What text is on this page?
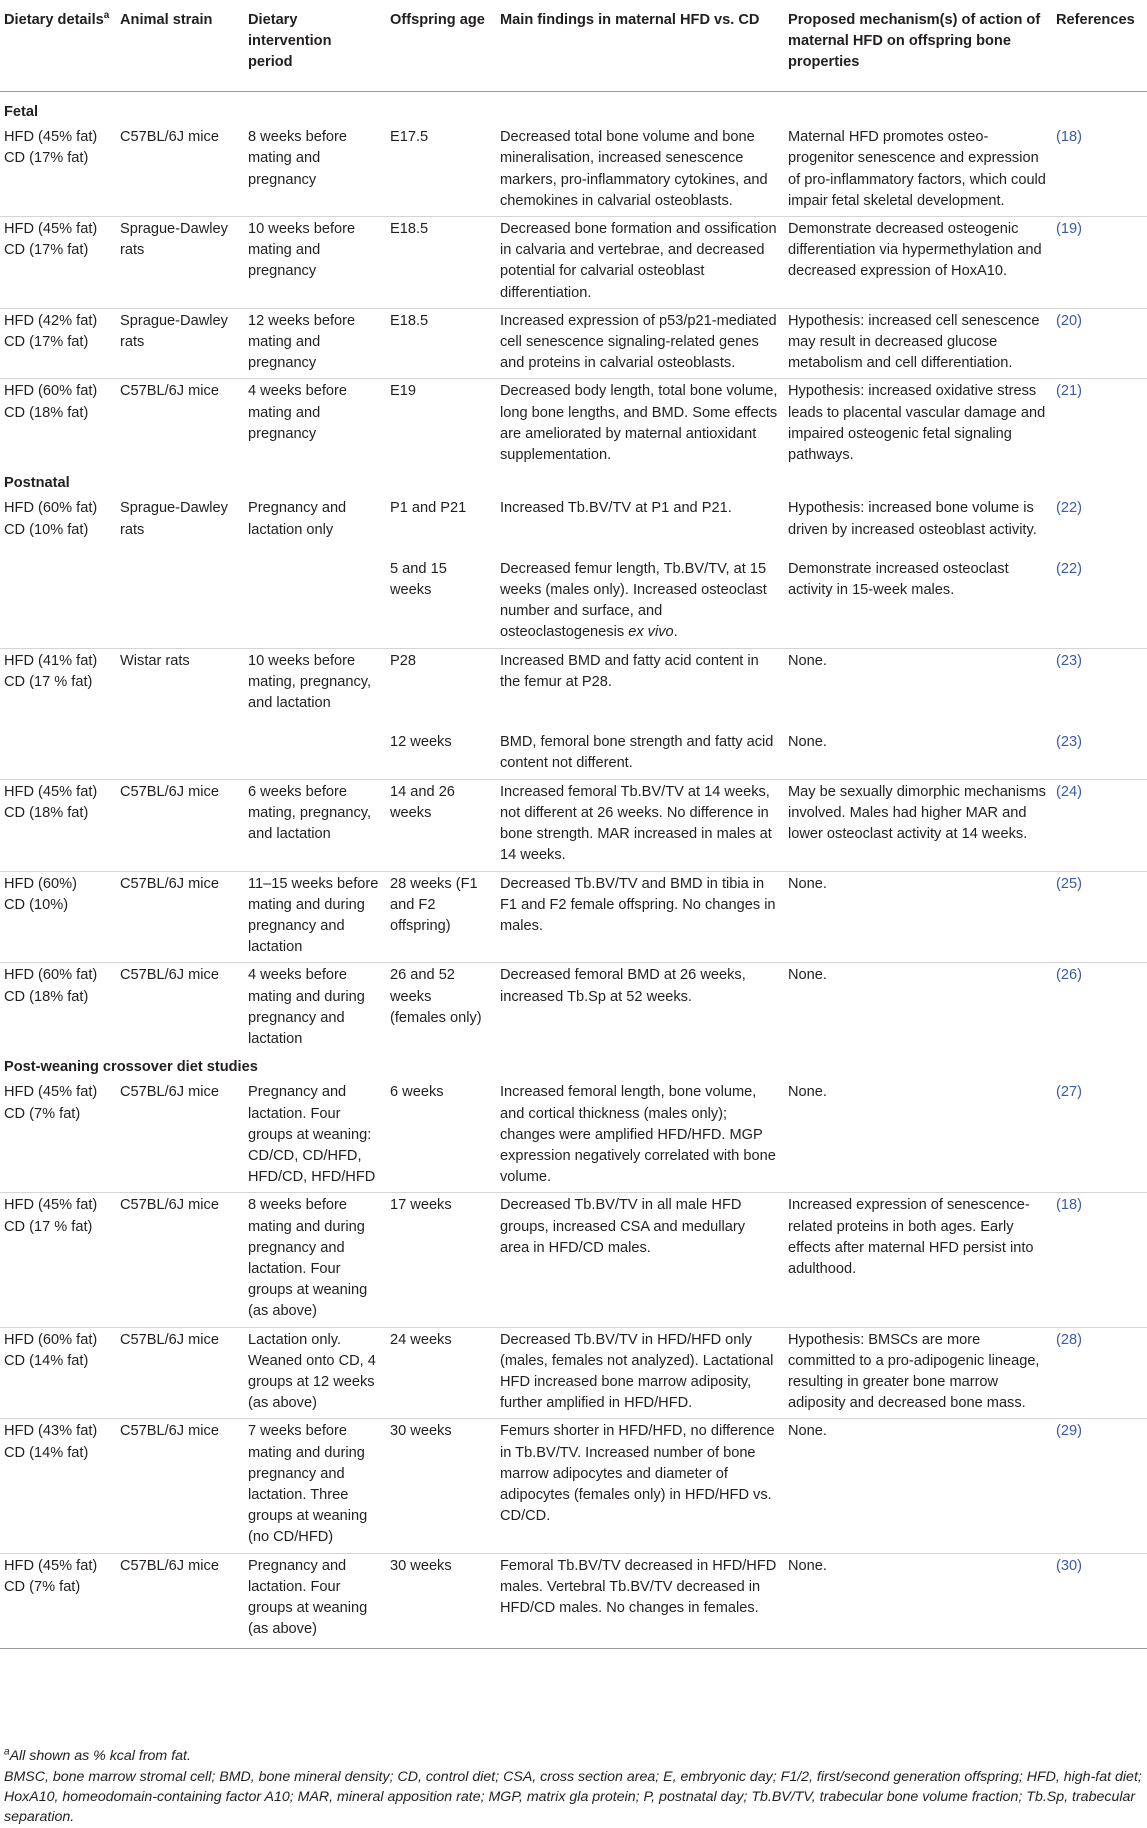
Dietary details$^a$	Animal strain	Dietary intervention period	Offspring age	Main findings in maternal HFD vs. CD	Proposed mechanism(s) of action of maternal HFD on offspring bone properties	References
Fetal						

HFD (45% fat)
CD (17% fat)	C57BL/6J mice	8 weeks before mating and pregnancy	E17.5	Decreased total bone volume and bone mineralisation, increased senescence markers, pro-inflammatory cytokines, and chemokines in calvarial osteoblasts.	Maternal HFD promotes osteo-progenitor senescence and expression of pro-inflammatory factors, which could impair fetal skeletal development.	(18)

HFD (45% fat)
CD (17% fat)	Sprague-Dawley rats	10 weeks before mating and pregnancy	E18.5	Decreased bone formation and ossification in calvaria and vertebrae, and decreased potential for calvarial osteoblast differentiation.	Demonstrate decreased osteogenic differentiation via hypermethylation and decreased expression of HoxA10.	(19)

HFD (42% fat)
CD (17% fat)	Sprague-Dawley rats	12 weeks before mating and pregnancy	E18.5	Increased expression of p53/p21-mediated cell senescence signaling-related genes and proteins in calvarial osteoblasts.	Hypothesis: increased cell senescence may result in decreased glucose metabolism and cell differentiation.	(20)

HFD (60% fat)
CD (18% fat)	C57BL/6J mice	4 weeks before mating and pregnancy	E19	Decreased body length, total bone volume, long bone lengths, and BMD. Some effects are ameliorated by maternal antioxidant supplementation.	Hypothesis: increased oxidative stress leads to placental vascular damage and impaired osteogenic fetal signaling pathways.	(21)
Postnatal						

HFD (60% fat)
CD (10% fat)	Sprague-Dawley rats	Pregnancy and lactation only	P1 and P21	Increased Tb.BV/TV at P1 and P21.	Hypothesis: increased bone volume is driven by increased osteoblast activity.	(22)

			5 and 15 weeks	Decreased femur length, Tb.BV/TV, at 15 weeks (males only). Increased osteoclast number and surface, and osteoclastogenesis ex vivo.	Demonstrate increased osteoclast activity in 15-week males.	(22)

HFD (41% fat)
CD (17 % fat)	Wistar rats	10 weeks before mating, pregnancy, and lactation	P28	Increased BMD and fatty acid content in the femur at P28.	None.	(23)

			12 weeks	BMD, femoral bone strength and fatty acid content not different.	None.	(23)

HFD (45% fat)
CD (18% fat)	C57BL/6J mice	6 weeks before mating, pregnancy, and lactation	14 and 26 weeks	Increased femoral Tb.BV/TV at 14 weeks, not different at 26 weeks. No difference in bone strength. MAR increased in males at 14 weeks.	May be sexually dimorphic mechanisms involved. Males had higher MAR and lower osteoclast activity at 14 weeks.	(24)

HFD (60%)
CD (10%)	C57BL/6J mice	11–15 weeks before mating and during pregnancy and lactation	28 weeks (F1 and F2 offspring)	Decreased Tb.BV/TV and BMD in tibia in F1 and F2 female offspring. No changes in males.	None.	(25)

HFD (60% fat)
CD (18% fat)	C57BL/6J mice	4 weeks before mating and during pregnancy and lactation	26 and 52 weeks (females only)	Decreased femoral BMD at 26 weeks, increased Tb.Sp at 52 weeks.	None.	(26)
Post-weaning crossover diet studies						

HFD (45% fat)
CD (7% fat)	C57BL/6J mice	Pregnancy and lactation. Four groups at weaning: CD/CD, CD/HFD, HFD/CD, HFD/HFD	6 weeks	Increased femoral length, bone volume, and cortical thickness (males only); changes were amplified HFD/HFD. MGP expression negatively correlated with bone volume.	None.	(27)

HFD (45% fat)
CD (17 % fat)	C57BL/6J mice	8 weeks before mating and during pregnancy and lactation. Four groups at weaning (as above)	17 weeks	Decreased Tb.BV/TV in all male HFD groups, increased CSA and medullary area in HFD/CD males.	Increased expression of senescence-related proteins in both ages. Early effects after maternal HFD persist into adulthood.	(18)

HFD (60% fat)
CD (14% fat)	C57BL/6J mice	Lactation only. Weaned onto CD, 4 groups at 12 weeks (as above)	24 weeks	Decreased Tb.BV/TV in HFD/HFD only (males, females not analyzed). Lactational HFD increased bone marrow adiposity, further amplified in HFD/HFD.	Hypothesis: BMSCs are more committed to a pro-adipogenic lineage, resulting in greater bone marrow adiposity and decreased bone mass.	(28)

HFD (43% fat)
CD (14% fat)	C57BL/6J mice	7 weeks before mating and during pregnancy and lactation. Three groups at weaning (no CD/HFD)	30 weeks	Femurs shorter in HFD/HFD, no difference in Tb.BV/TV. Increased number of bone marrow adipocytes and diameter of adipocytes (females only) in HFD/HFD vs. CD/CD.	None.	(29)

HFD (45% fat)
CD (7% fat)	C57BL/6J mice	Pregnancy and lactation. Four groups at weaning (as above)	30 weeks	Femoral Tb.BV/TV decreased in HFD/HFD males. Vertebral Tb.BV/TV decreased in HFD/CD males. No changes in females.	None.	(30)

$^a$All shown as % kcal from fat.

BMSC, bone marrow stromal cell; BMD, bone mineral density; CD, control diet; CSA, cross section area; E, embryonic day; F1/2, first/second generation offspring; HFD, high-fat diet; HoxA10, homeodomain-containing factor A10; MAR, mineral apposition rate; MGP, matrix gla protein; P, postnatal day; Tb.BV/TV, trabecular bone volume fraction; Tb.Sp, trabecular separation.
